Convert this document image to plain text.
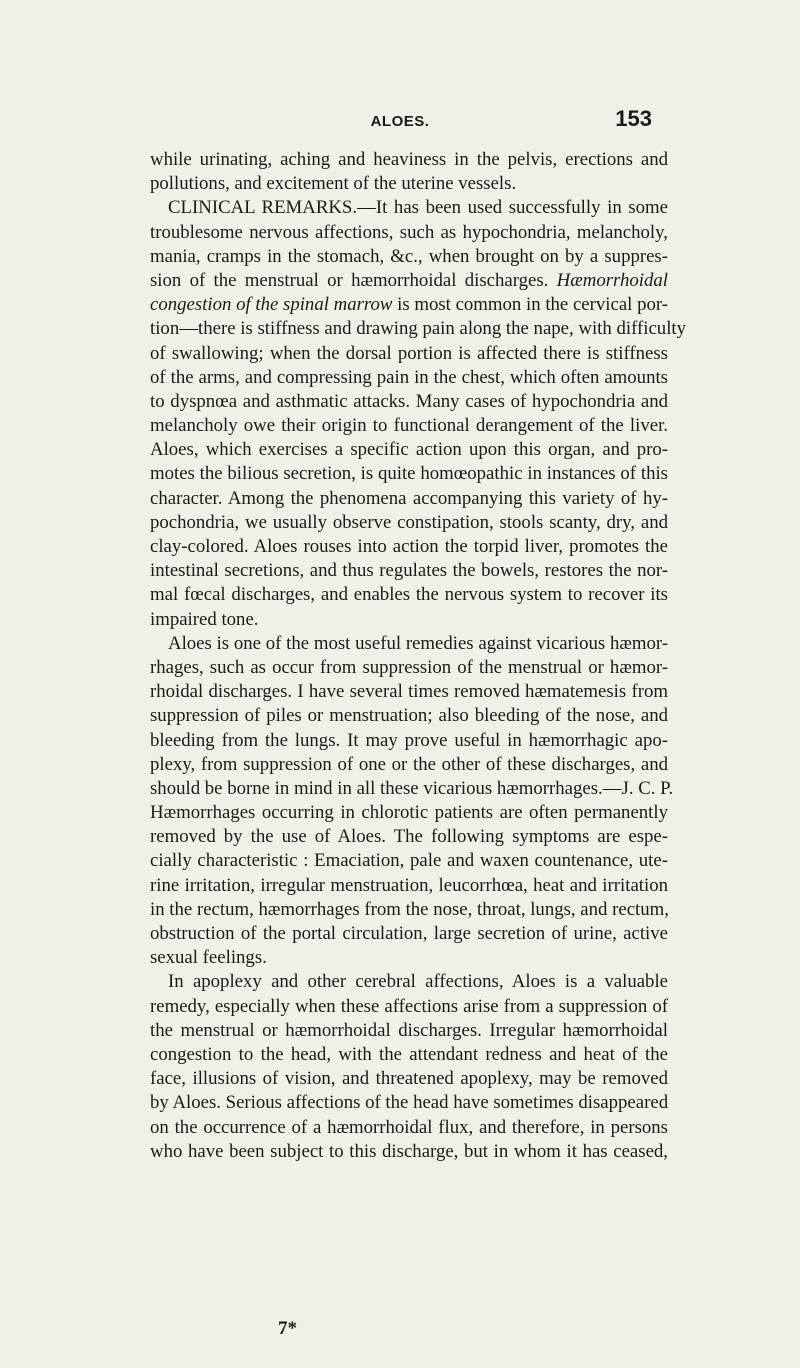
ALOES.	153
while urinating, aching and heaviness in the pelvis, erections and
pollutions, and excitement of the uterine vessels.
CLINICAL REMARKS.—It has been used successfully in some
troublesome nervous affections, such as hypochondria, melancholy,
mania, cramps in the stomach, &c., when brought on by a suppres-
sion of the menstrual or hæmorrhoidal discharges. Hæmorrhoidal
congestion of the spinal marrow is most common in the cervical por-
tion—there is stiffness and drawing pain along the nape, with difficulty
of swallowing; when the dorsal portion is affected there is stiffness
of the arms, and compressing pain in the chest, which often amounts
to dyspnœa and asthmatic attacks. Many cases of hypochondria and
melancholy owe their origin to functional derangement of the liver.
Aloes, which exercises a specific action upon this organ, and pro-
motes the bilious secretion, is quite homœopathic in instances of this
character. Among the phenomena accompanying this variety of hy-
pochondria, we usually observe constipation, stools scanty, dry, and
clay-colored. Aloes rouses into action the torpid liver, promotes the
intestinal secretions, and thus regulates the bowels, restores the nor-
mal fœcal discharges, and enables the nervous system to recover its
impaired tone.
Aloes is one of the most useful remedies against vicarious hæmor-
rhages, such as occur from suppression of the menstrual or hæmor-
rhoidal discharges. I have several times removed hæmatemesis from
suppression of piles or menstruation; also bleeding of the nose, and
bleeding from the lungs. It may prove useful in hæmorrhagic apo-
plexy, from suppression of one or the other of these discharges, and
should be borne in mind in all these vicarious hæmorrhages.—J. C. P.
Hæmorrhages occurring in chlorotic patients are often permanently
removed by the use of Aloes. The following symptoms are espe-
cially characteristic : Emaciation, pale and waxen countenance, ute-
rine irritation, irregular menstruation, leucorrhœa, heat and irritation
in the rectum, hæmorrhages from the nose, throat, lungs, and rectum,
obstruction of the portal circulation, large secretion of urine, active
sexual feelings.
In apoplexy and other cerebral affections, Aloes is a valuable
remedy, especially when these affections arise from a suppression of
the menstrual or hæmorrhoidal discharges. Irregular hæmorrhoidal
congestion to the head, with the attendant redness and heat of the
face, illusions of vision, and threatened apoplexy, may be removed
by Aloes. Serious affections of the head have sometimes disappeared
on the occurrence of a hæmorrhoidal flux, and therefore, in persons
who have been subject to this discharge, but in whom it has ceased,
7*
